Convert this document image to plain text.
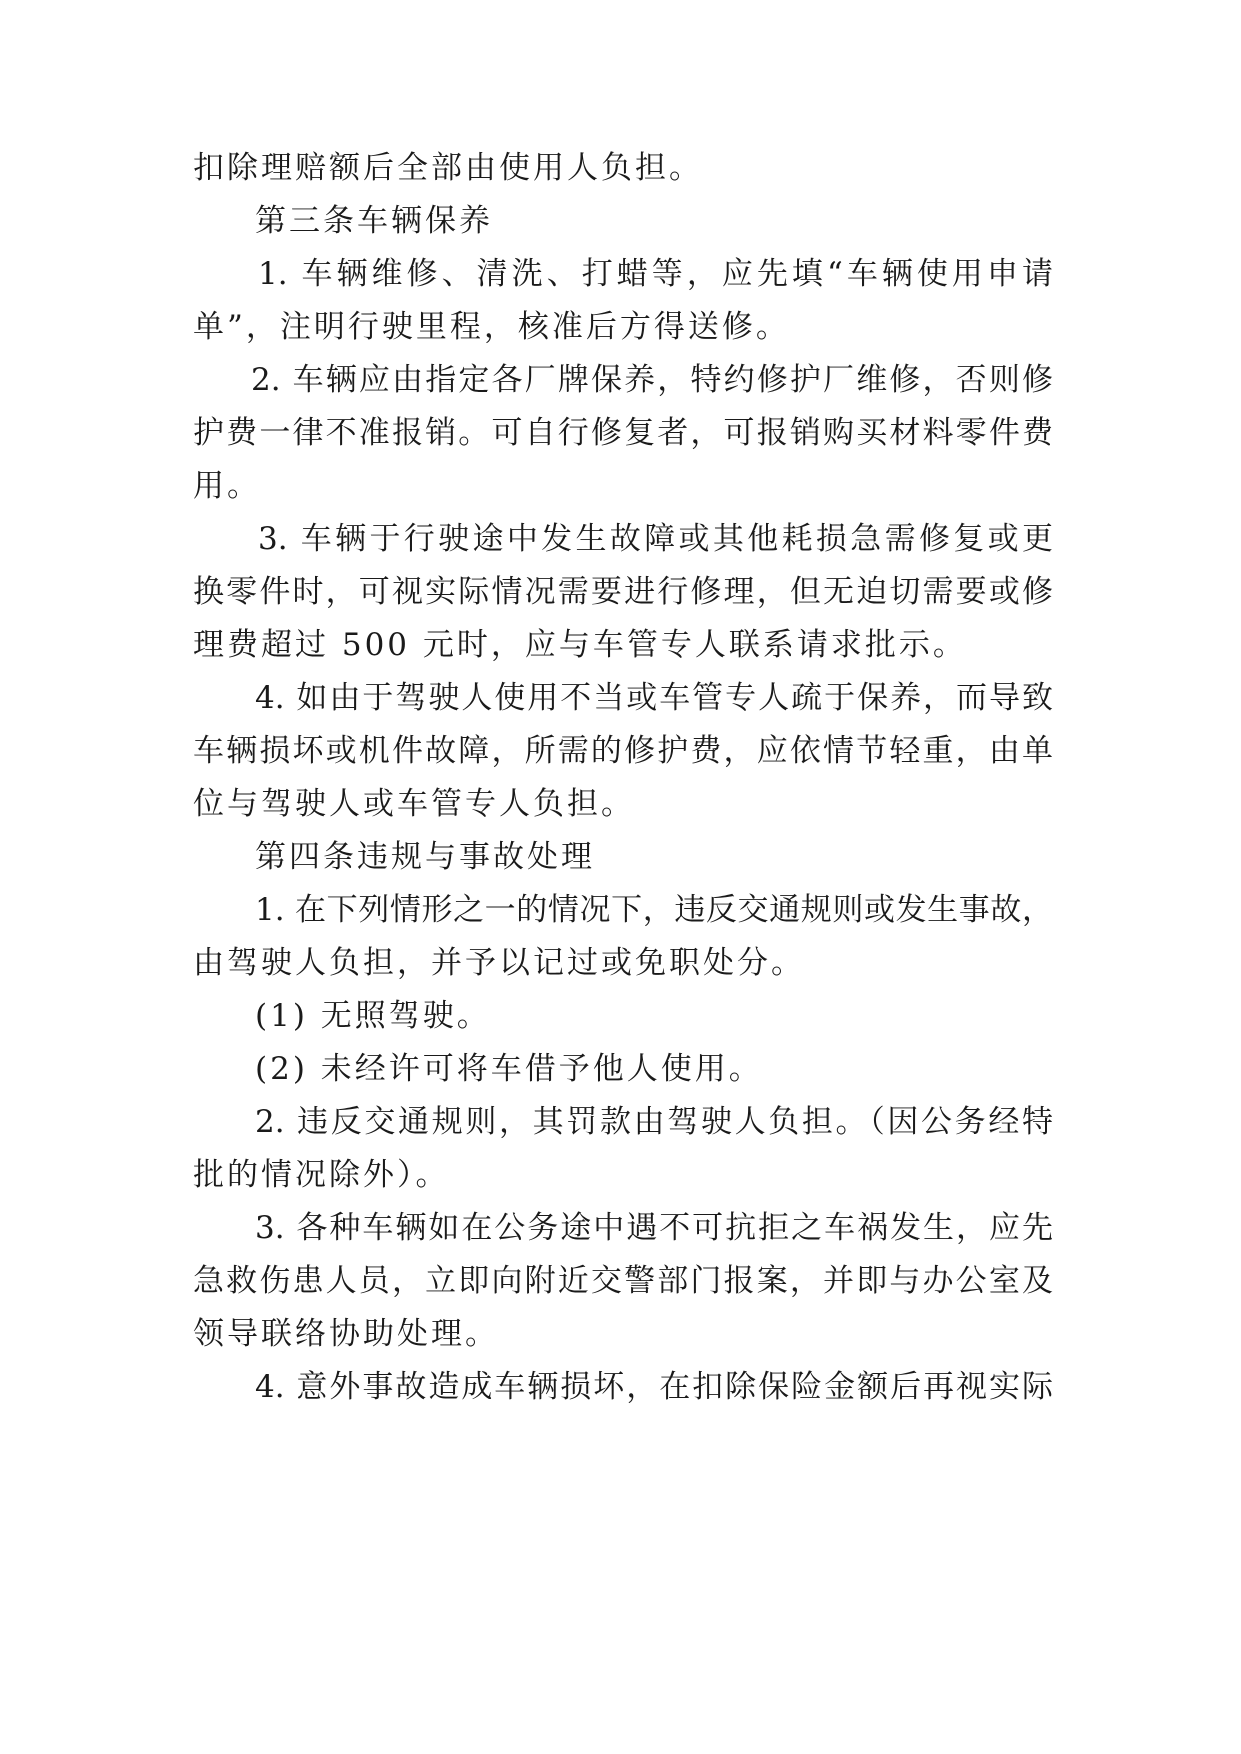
扣除理赔额后全部由使用人负担。
第三条车辆保养
1. 车辆维修、清洗、打蜡等，应先填“车辆使用申请
单”，注明行驶里程，核准后方得送修。
2. 车辆应由指定各厂牌保养，特约修护厂维修，否则修
护费一律不准报销。可自行修复者，可报销购买材料零件费
用。
3. 车辆于行驶途中发生故障或其他耗损急需修复或更
换零件时，可视实际情况需要进行修理，但无迫切需要或修
理费超过 500 元时，应与车管专人联系请求批示。
4. 如由于驾驶人使用不当或车管专人疏于保养，而导致
车辆损坏或机件故障，所需的修护费，应依情节轻重，由单
位与驾驶人或车管专人负担。
第四条违规与事故处理
1. 在下列情形之一的情况下，违反交通规则或发生事故，
由驾驶人负担，并予以记过或免职处分。
(1) 无照驾驶。
(2) 未经许可将车借予他人使用。
2. 违反交通规则，其罚款由驾驶人负担。（因公务经特
批的情况除外）。
3. 各种车辆如在公务途中遇不可抗拒之车祸发生，应先
急救伤患人员，立即向附近交警部门报案，并即与办公室及
领导联络协助处理。
4. 意外事故造成车辆损坏，在扣除保险金额后再视实际
